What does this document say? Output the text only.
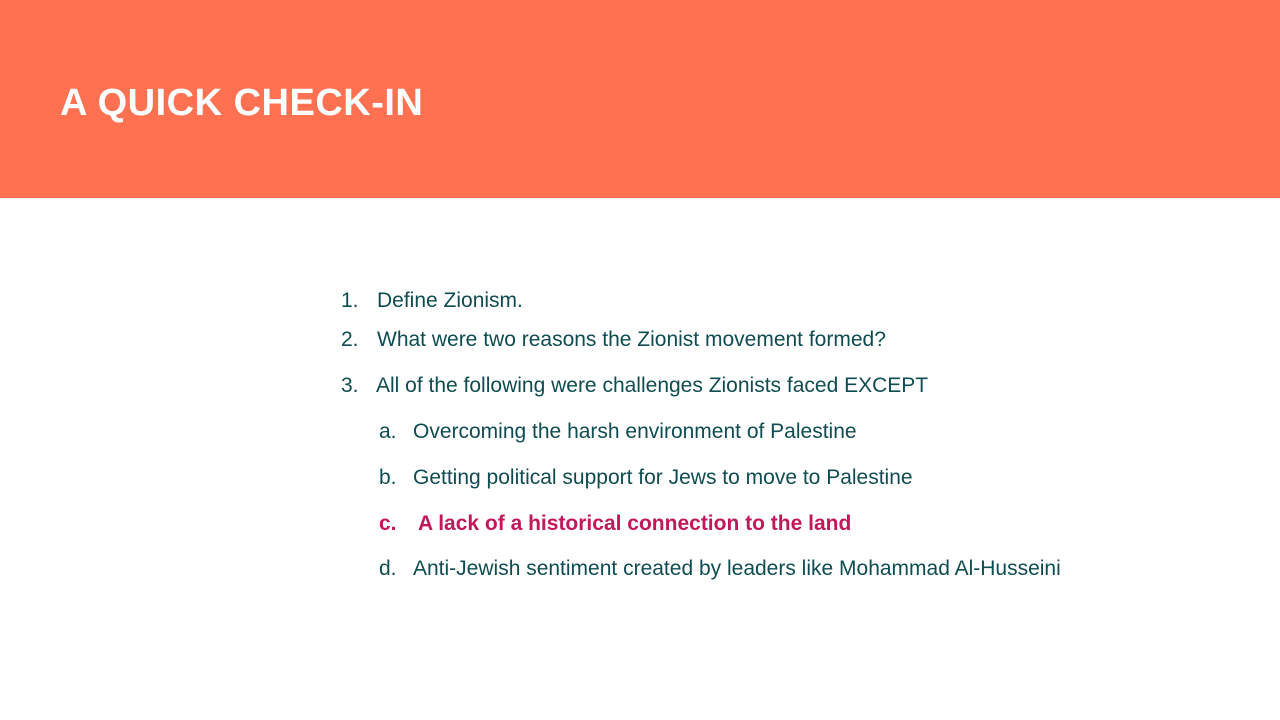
A QUICK CHECK-IN
1. Define Zionism.
2. What were two reasons the Zionist movement formed?
3. All of the following were challenges Zionists faced EXCEPT
a. Overcoming the harsh environment of Palestine
b. Getting political support for Jews to move to Palestine
c. A lack of a historical connection to the land
d. Anti-Jewish sentiment created by leaders like Mohammad Al-Husseini
